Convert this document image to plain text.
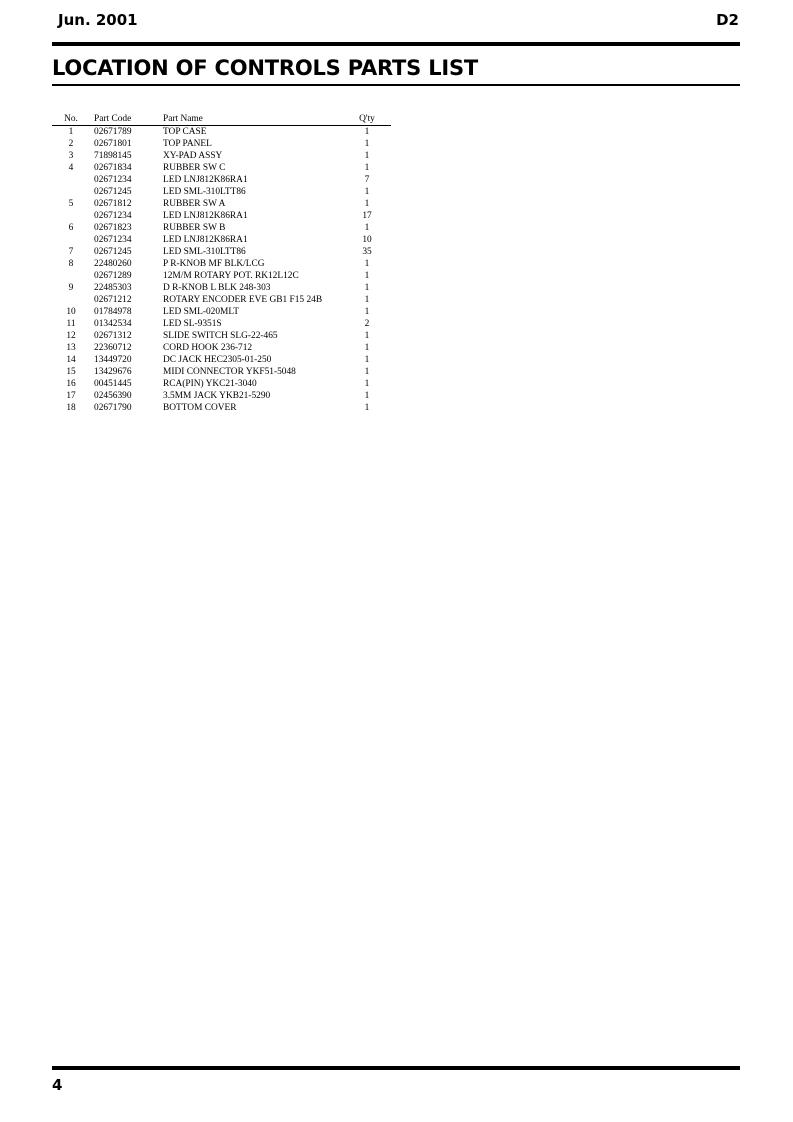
Jun. 2001	D2
LOCATION OF CONTROLS PARTS LIST
No.	Part Code	Part Name	Q'ty
1	02671789	TOP CASE	1
2	02671801	TOP PANEL	1
3	71898145	XY-PAD ASSY	1
4	02671834	RUBBER SW C	1
	02671234	LED LNJ812K86RA1	7
	02671245	LED SML-310LTT86	1
5	02671812	RUBBER SW A	1
	02671234	LED LNJ812K86RA1	17
6	02671823	RUBBER SW B	1
	02671234	LED LNJ812K86RA1	10
7	02671245	LED SML-310LTT86	35
8	22480260	P R-KNOB MF BLK/LCG	1
	02671289	12M/M ROTARY POT. RK12L12C	1
9	22485303	D R-KNOB L BLK 248-303	1
	02671212	ROTARY ENCODER EVE GB1 F15 24B	1
10	01784978	LED SML-020MLT	1
11	01342534	LED SL-9351S	2
12	02671312	SLIDE SWITCH SLG-22-465	1
13	22360712	CORD HOOK 236-712	1
14	13449720	DC JACK HEC2305-01-250	1
15	13429676	MIDI CONNECTOR YKF51-5048	1
16	00451445	RCA(PIN) YKC21-3040	1
17	02456390	3.5MM JACK YKB21-5290	1
18	02671790	BOTTOM COVER	1
4
